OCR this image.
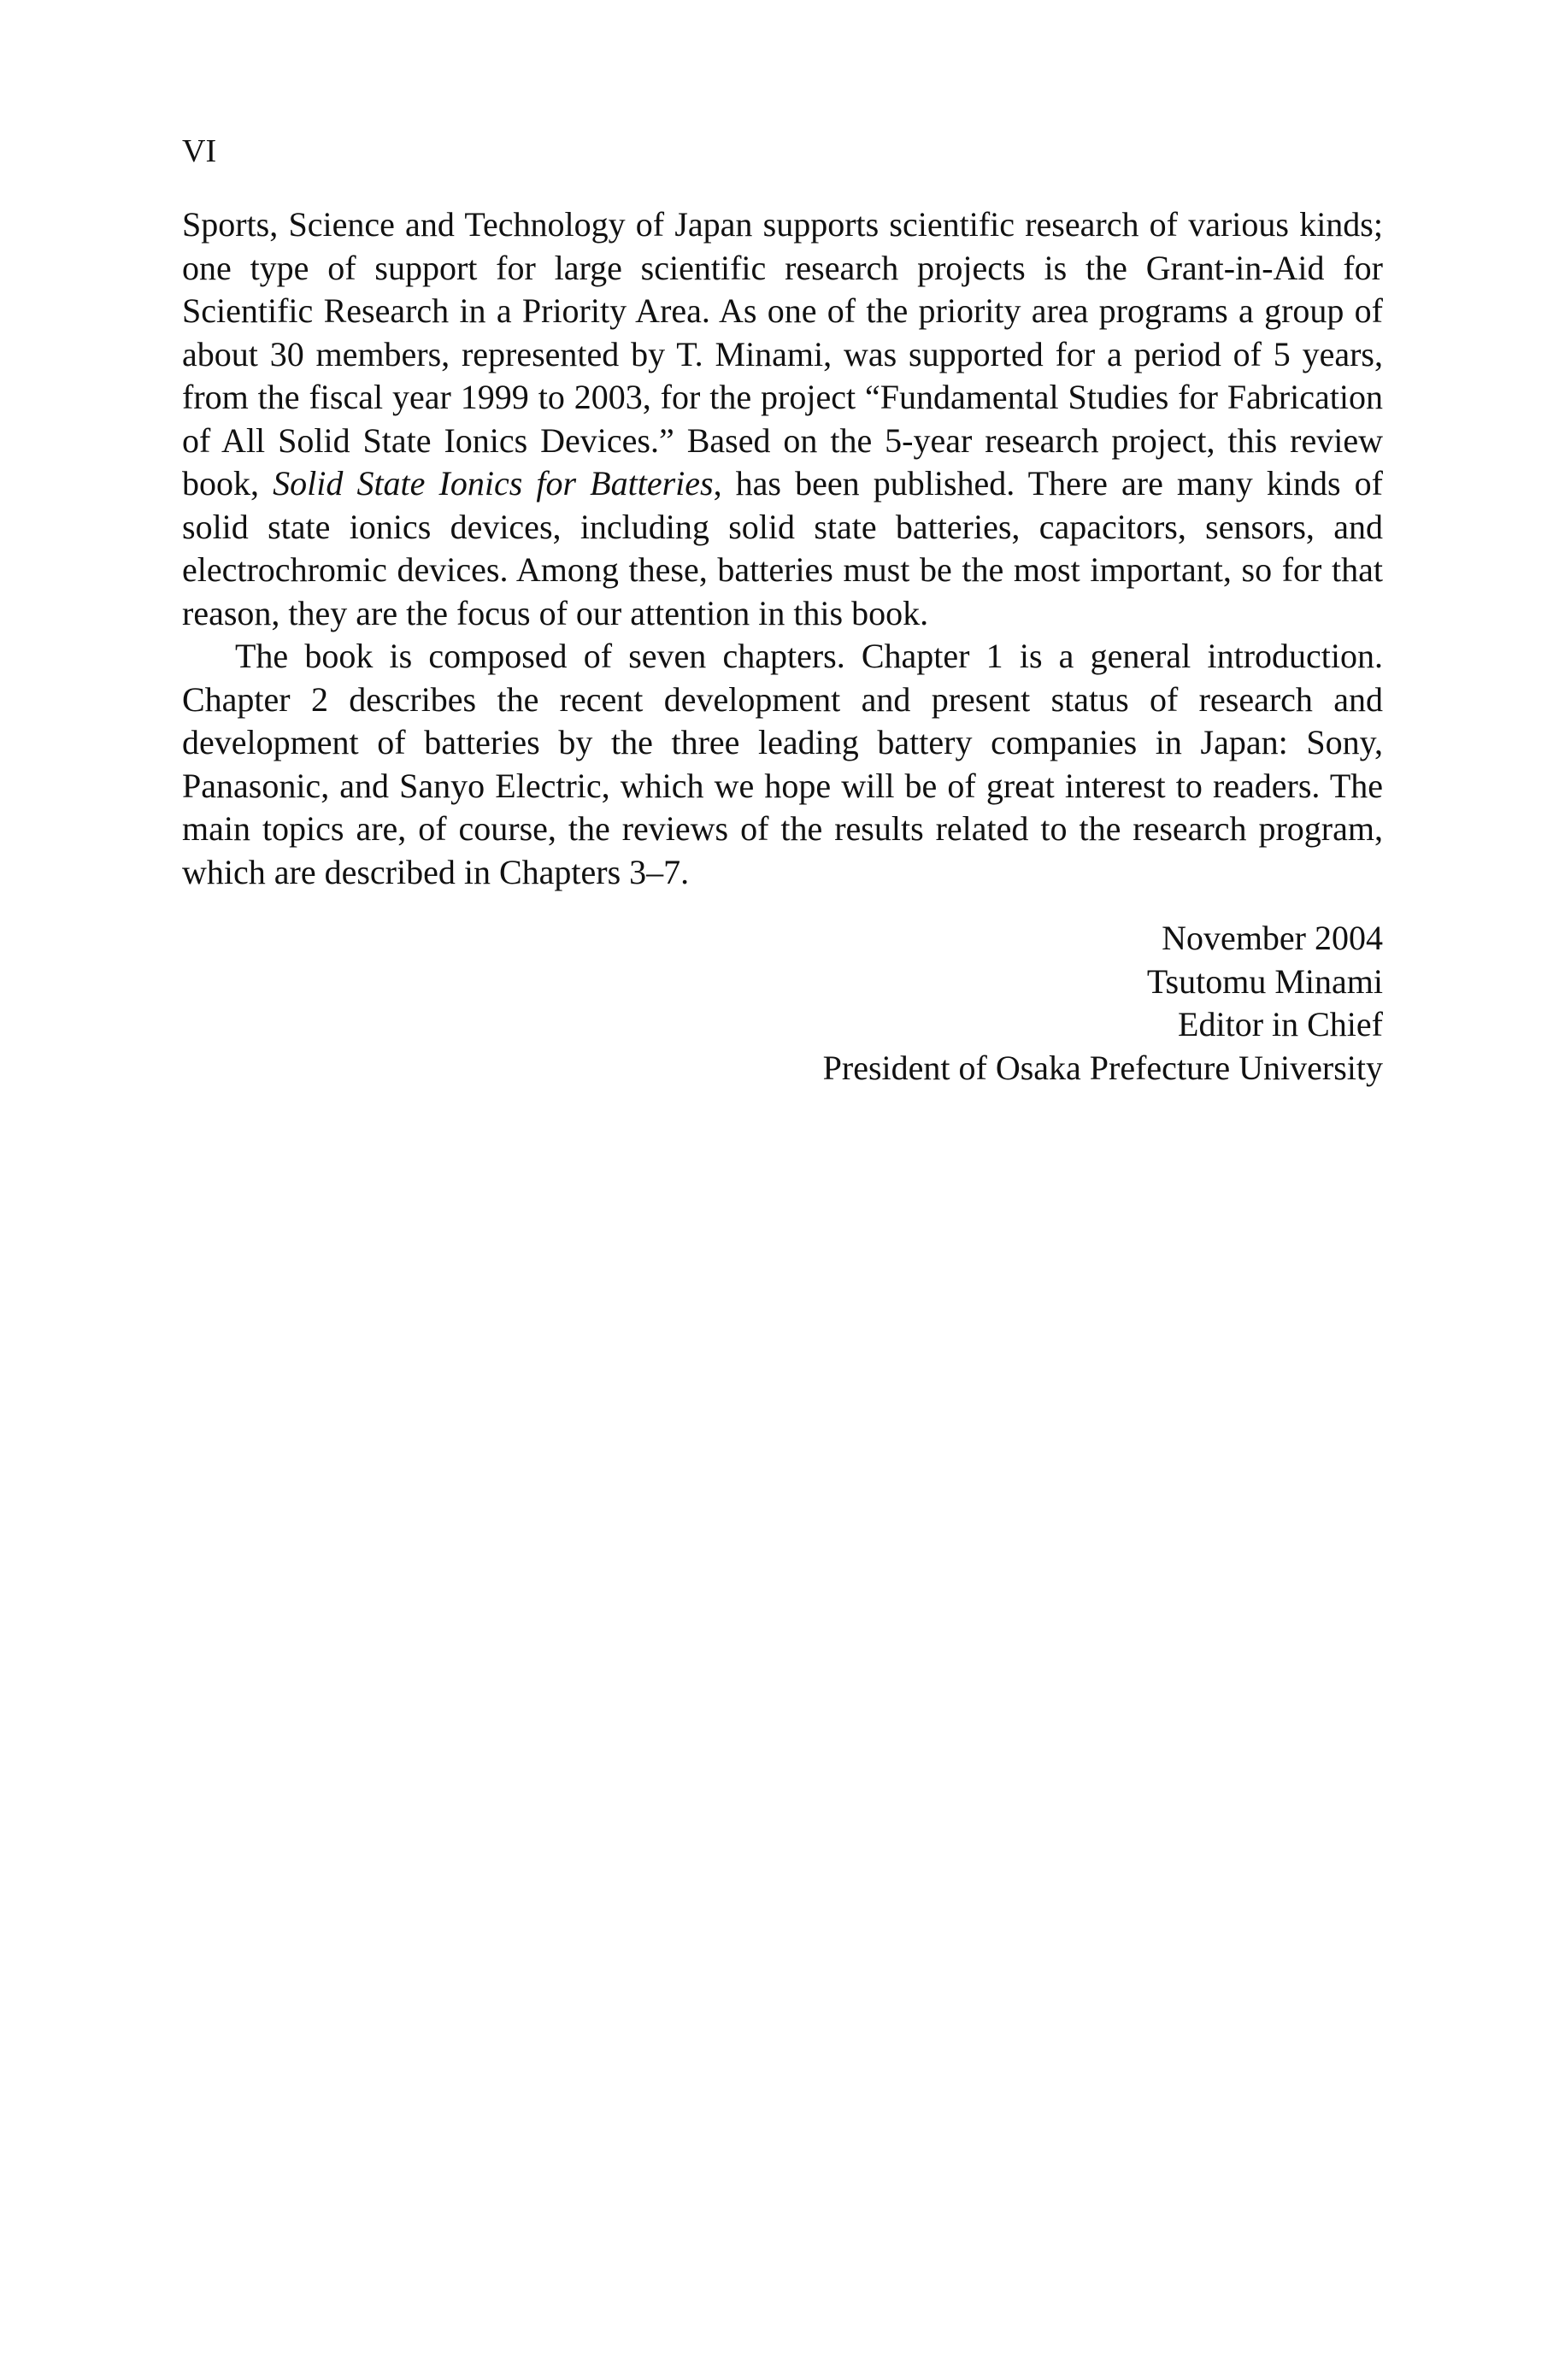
VI

Sports, Science and Technology of Japan supports scientific research of various kinds; one type of support for large scientific research projects is the Grant-in-Aid for Scientific Research in a Priority Area. As one of the priority area programs a group of about 30 members, represented by T. Minami, was supported for a period of 5 years, from the fiscal year 1999 to 2003, for the project “Fundamental Studies for Fabrication of All Solid State Ionics Devices.” Based on the 5-year research project, this review book, Solid State Ionics for Batteries, has been published. There are many kinds of solid state ionics devices, including solid state batteries, capacitors, sensors, and electrochromic devices. Among these, batteries must be the most important, so for that reason, they are the focus of our attention in this book.

The book is composed of seven chapters. Chapter 1 is a general introduction. Chapter 2 describes the recent development and present status of research and development of batteries by the three leading battery companies in Japan: Sony, Panasonic, and Sanyo Electric, which we hope will be of great interest to readers. The main topics are, of course, the reviews of the results related to the research program, which are described in Chapters 3–7.

November 2004
Tsutomu Minami
Editor in Chief
President of Osaka Prefecture University
